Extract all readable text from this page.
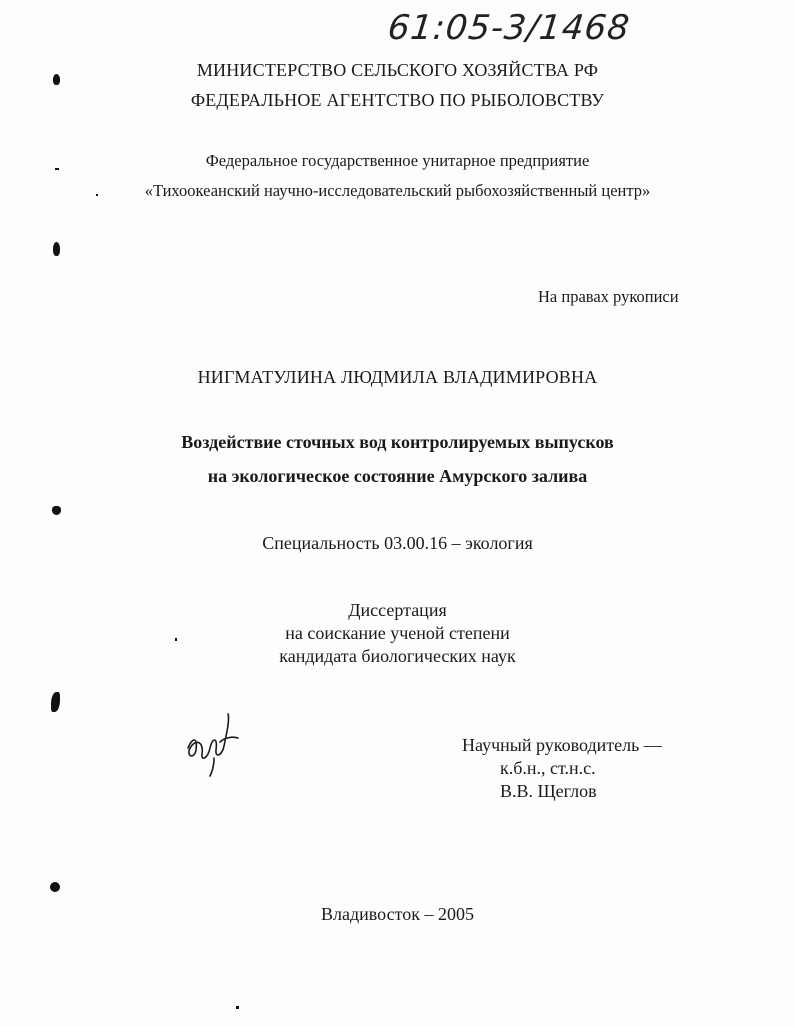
61:05-3/1468
МИНИСТЕРСТВО СЕЛЬСКОГО ХОЗЯЙСТВА РФ
ФЕДЕРАЛЬНОЕ АГЕНТСТВО ПО РЫБОЛОВСТВУ
Федеральное государственное унитарное предприятие
«Тихоокеанский научно-исследовательский рыбохозяйственный центр»
На правах рукописи
НИГМАТУЛИНА ЛЮДМИЛА ВЛАДИМИРОВНА
Воздействие сточных вод контролируемых выпусков
на экологическое состояние Амурского залива
Специальность 03.00.16 – экология
Диссертация
на соискание ученой степени
кандидата биологических наук
Научный руководитель —
к.б.н., ст.н.с.
В.В. Щеглов
Владивосток – 2005
